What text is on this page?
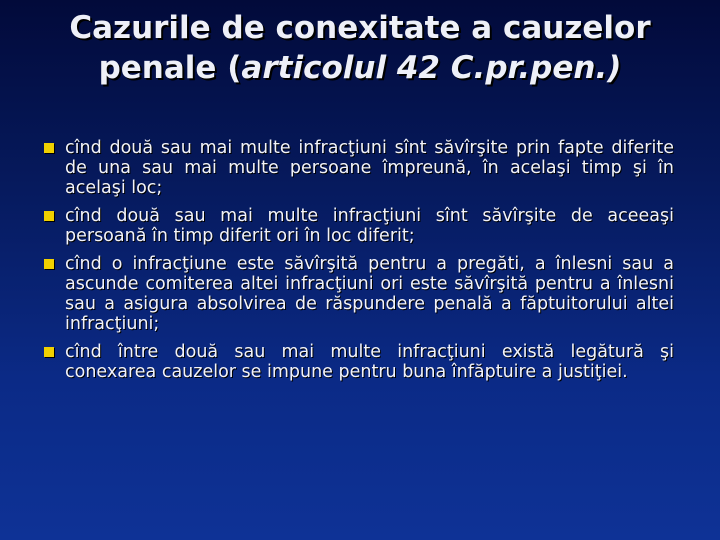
Cazurile de conexitate a cauzelor penale (articolul 42 C.pr.pen.)
cînd două sau mai multe infracţiuni sînt săvîrşite prin fapte diferite de una sau mai multe persoane împreună, în acelaşi timp şi în acelaşi loc;
cînd două sau mai multe infracţiuni sînt săvîrşite de aceeaşi persoană în timp diferit ori în loc diferit;
cînd o infracţiune este săvîrşită pentru a pregăti, a înlesni sau a ascunde comiterea altei infracţiuni ori este săvîrşită pentru a înlesni sau a asigura absolvirea de răspundere penală a făptuitorului altei infracţiuni;
cînd între două sau mai multe infracţiuni există legătură şi conexarea cauzelor se impune pentru buna înfăptuire a justiţiei.
